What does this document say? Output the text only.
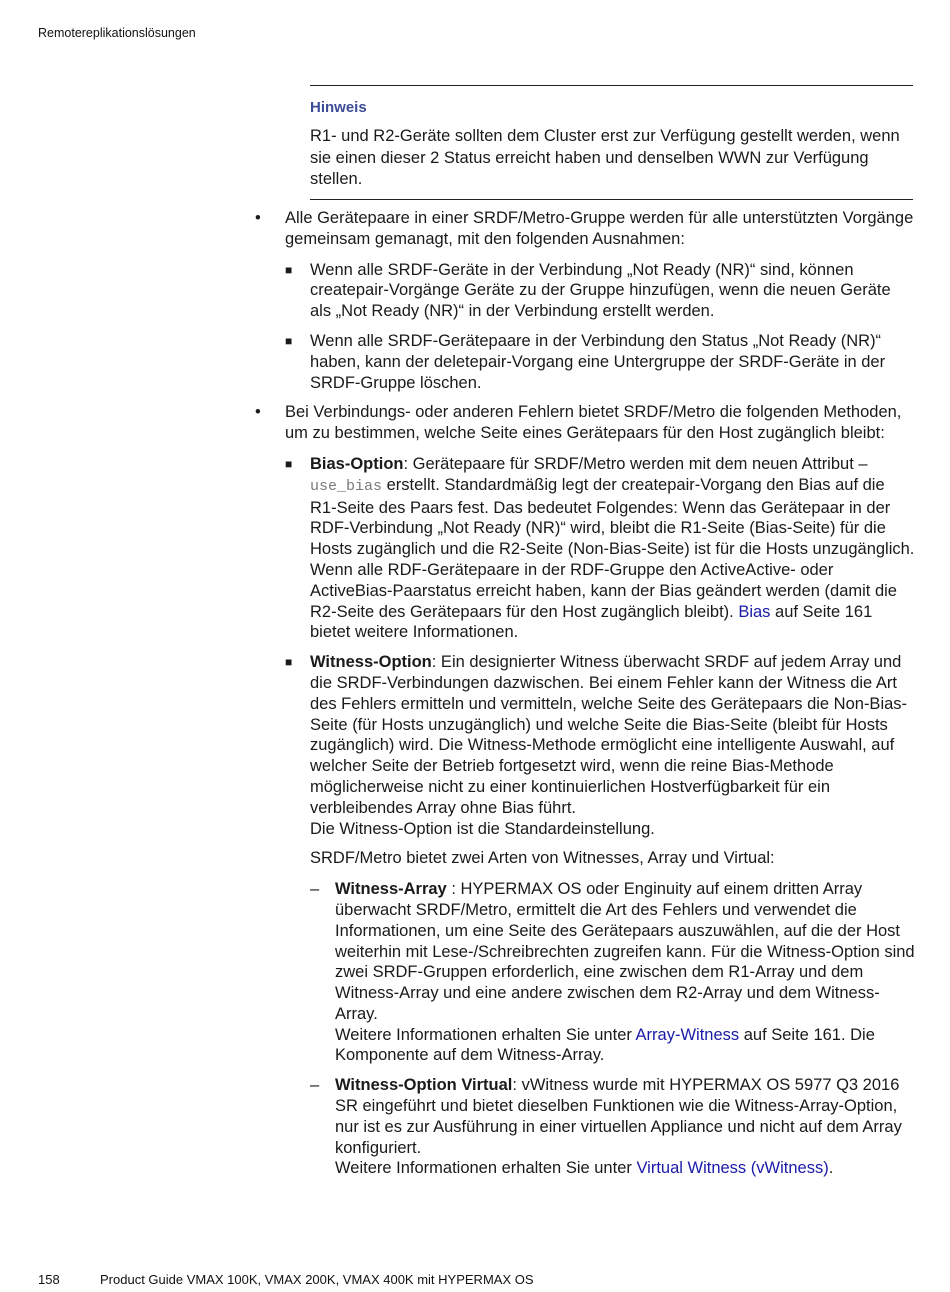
Remotereplikationslösungen
Hinweis
R1- und R2-Geräte sollten dem Cluster erst zur Verfügung gestellt werden, wenn sie einen dieser 2 Status erreicht haben und denselben WWN zur Verfügung stellen.
• Alle Gerätepaare in einer SRDF/Metro-Gruppe werden für alle unterstützten Vorgänge gemeinsam gemanagt, mit den folgenden Ausnahmen:
■ Wenn alle SRDF-Geräte in der Verbindung „Not Ready (NR)“ sind, können createpair-Vorgänge Geräte zu der Gruppe hinzufügen, wenn die neuen Geräte als „Not Ready (NR)“ in der Verbindung erstellt werden.
■ Wenn alle SRDF-Gerätepaare in der Verbindung den Status „Not Ready (NR)“ haben, kann der deletepair-Vorgang eine Untergruppe der SRDF-Geräte in der SRDF-Gruppe löschen.
• Bei Verbindungs- oder anderen Fehlern bietet SRDF/Metro die folgenden Methoden, um zu bestimmen, welche Seite eines Gerätepaars für den Host zugänglich bleibt:
■ Bias-Option: Gerätepaare für SRDF/Metro werden mit dem neuen Attribut –
use_bias erstellt. Standardmäßig legt der createpair-Vorgang den Bias auf die R1-Seite des Paars fest. Das bedeutet Folgendes: Wenn das Gerätepaar in der RDF-Verbindung „Not Ready (NR)“ wird, bleibt die R1-Seite (Bias-Seite) für die Hosts zugänglich und die R2-Seite (Non-Bias-Seite) ist für die Hosts unzugänglich.
Wenn alle RDF-Gerätepaare in der RDF-Gruppe den ActiveActive- oder ActiveBias-Paarstatus erreicht haben, kann der Bias geändert werden (damit die R2-Seite des Gerätepaars für den Host zugänglich bleibt). Bias auf Seite 161 bietet weitere Informationen.
■ Witness-Option: Ein designierter Witness überwacht SRDF auf jedem Array und die SRDF-Verbindungen dazwischen. Bei einem Fehler kann der Witness die Art des Fehlers ermitteln und vermitteln, welche Seite des Gerätepaars die Non-Bias-Seite (für Hosts unzugänglich) und welche Seite die Bias-Seite (bleibt für Hosts zugänglich) wird. Die Witness-Methode ermöglicht eine intelligente Auswahl, auf welcher Seite der Betrieb fortgesetzt wird, wenn die reine Bias-Methode möglicherweise nicht zu einer kontinuierlichen Hostverfügbarkeit für ein verbleibendes Array ohne Bias führt.
Die Witness-Option ist die Standardeinstellung.
SRDF/Metro bietet zwei Arten von Witnesses, Array und Virtual:
– Witness-Array : HYPERMAX OS oder Enginuity auf einem dritten Array überwacht SRDF/Metro, ermittelt die Art des Fehlers und verwendet die Informationen, um eine Seite des Gerätepaars auszuwählen, auf die der Host weiterhin mit Lese-/Schreibrechten zugreifen kann. Für die Witness-Option sind zwei SRDF-Gruppen erforderlich, eine zwischen dem R1-Array und dem Witness-Array und eine andere zwischen dem R2-Array und dem Witness-Array.
Weitere Informationen erhalten Sie unter Array-Witness auf Seite 161. Die Komponente auf dem Witness-Array.
– Witness-Option Virtual: vWitness wurde mit HYPERMAX OS 5977 Q3 2016 SR eingeführt und bietet dieselben Funktionen wie die Witness-Array-Option, nur ist es zur Ausführung in einer virtuellen Appliance und nicht auf dem Array konfiguriert.
Weitere Informationen erhalten Sie unter Virtual Witness (vWitness).
158	Product Guide VMAX 100K, VMAX 200K, VMAX 400K mit HYPERMAX OS
